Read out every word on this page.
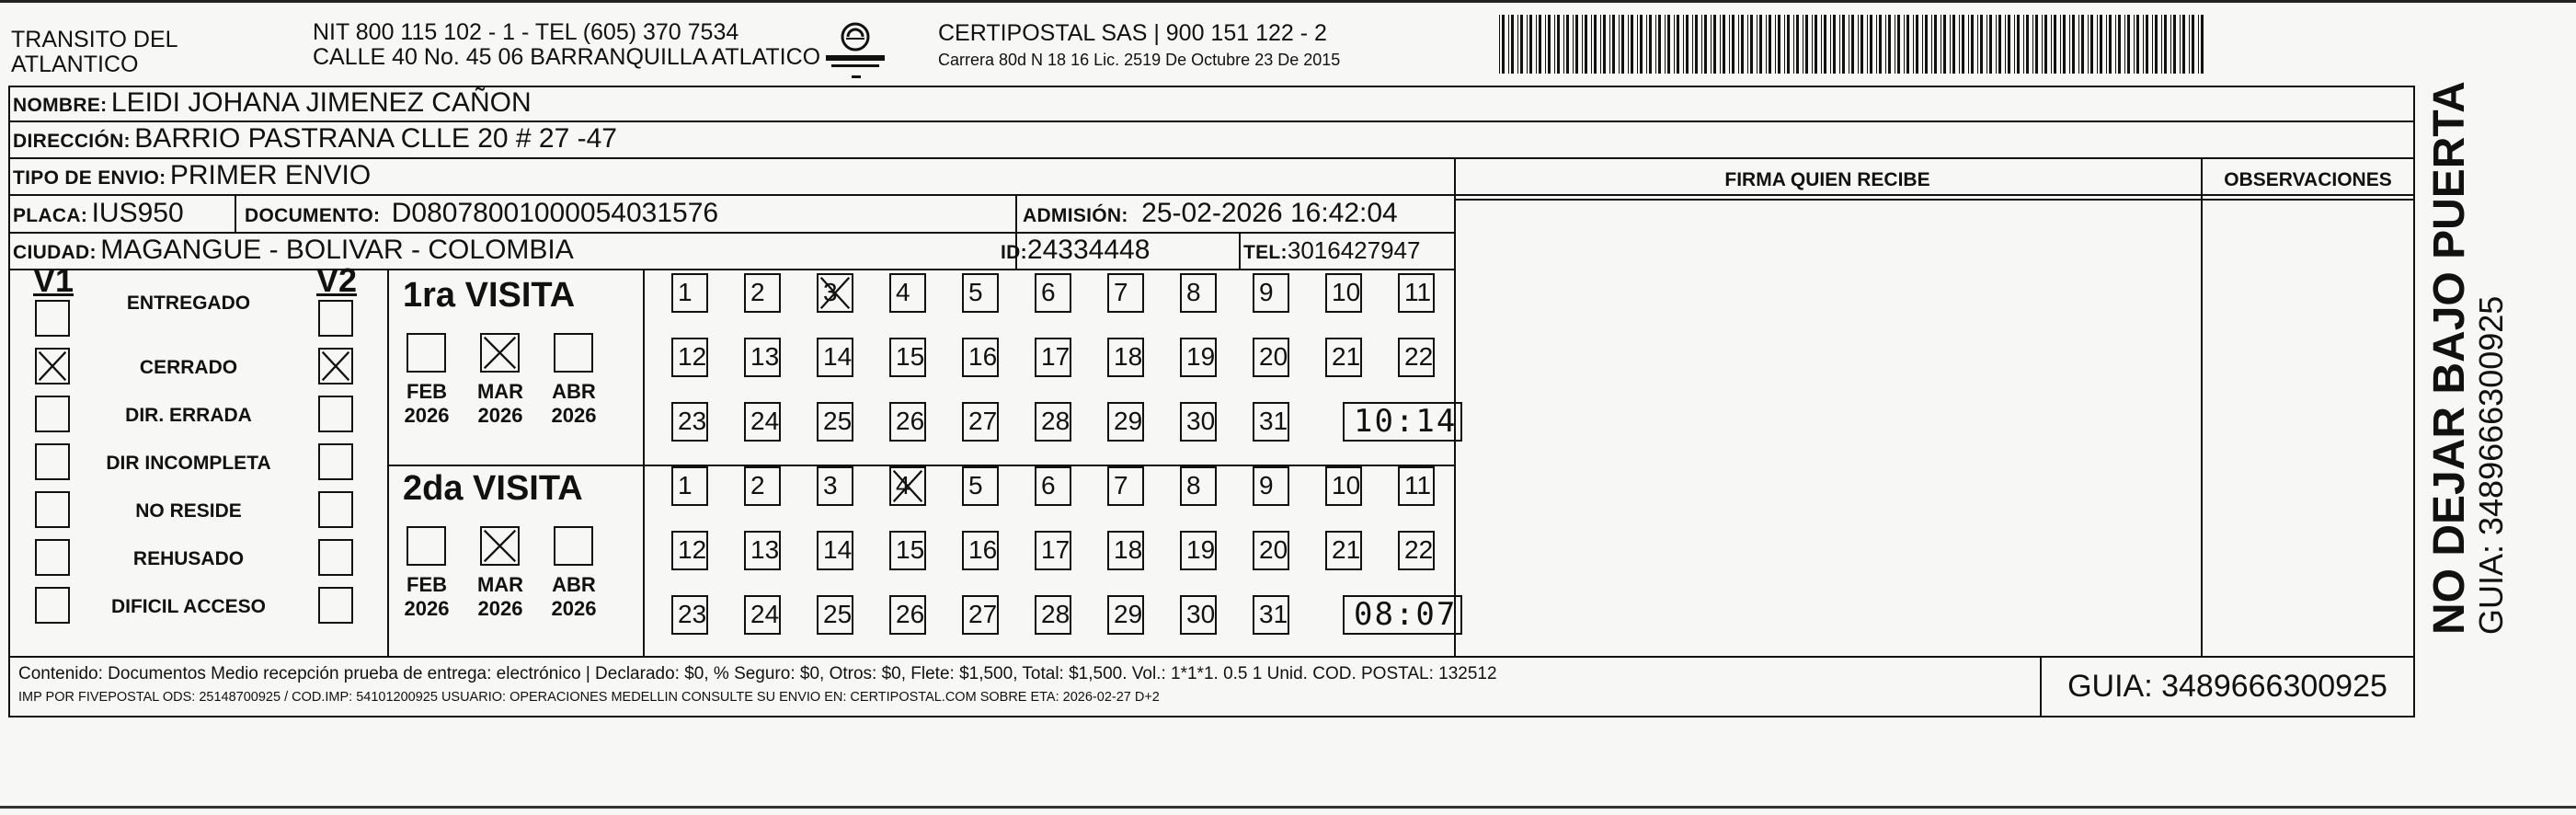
TRANSITO DEL
ATLANTICO
NIT 800 115 102 - 1 - TEL (605) 370 7534
CALLE 40 No. 45 06 BARRANQUILLA ATLATICO
CERTIPOSTAL SAS | 900 151 122 - 2
Carrera 80d N 18 16 Lic. 2519 De Octubre 23 De 2015
NOMBRE: LEIDI JOHANA JIMENEZ CAÑON
DIRECCIÓN: BARRIO PASTRANA CLLE 20 # 27 -47
TIPO DE ENVIO: PRIMER ENVIO
PLACA: IUS950	DOCUMENTO: D08078001000054031576	ADMISIÓN: 25-02-2026 16:42:04
CIUDAD: MAGANGUE - BOLIVAR - COLOMBIA	ID:24334448	TEL:3016427947
FIRMA QUIEN RECIBE	OBSERVACIONES
V1	V2
ENTREGADO
CERRADO
DIR. ERRADA
DIR INCOMPLETA
NO RESIDE
REHUSADO
DIFICIL ACCESO
1ra VISITA
2da VISITA
FEB
2026
MAR
2026
ABR
2026
1	2	3	4	5	6	7	8	9	10 11
12 13 14 15 16 17 18 19 20 21 22
23 24 25 26 27 28 29 30 31	10:14
FEB
2026
MAR
2026
ABR
2026
1	2	3	4	5	6	7	8	9	10 11
12 13 14 15 16 17 18 19 20 21 22
23 24 25 26 27 28 29 30 31	08:07
Contenido: Documentos Medio recepción prueba de entrega: electrónico | Declarado: $0, % Seguro: $0, Otros: $0, Flete: $1,500, Total: $1,500. Vol.: 1*1*1. 0.5 1 Unid. COD. POSTAL: 132512
IMP POR FIVEPOSTAL ODS: 25148700925 / COD.IMP: 54101200925 USUARIO: OPERACIONES MEDELLIN CONSULTE SU ENVIO EN: CERTIPOSTAL.COM SOBRE ETA: 2026-02-27 D+2	GUIA: 3489666300925
NO DEJAR BAJO PUERTA
GUIA: 3489666300925
